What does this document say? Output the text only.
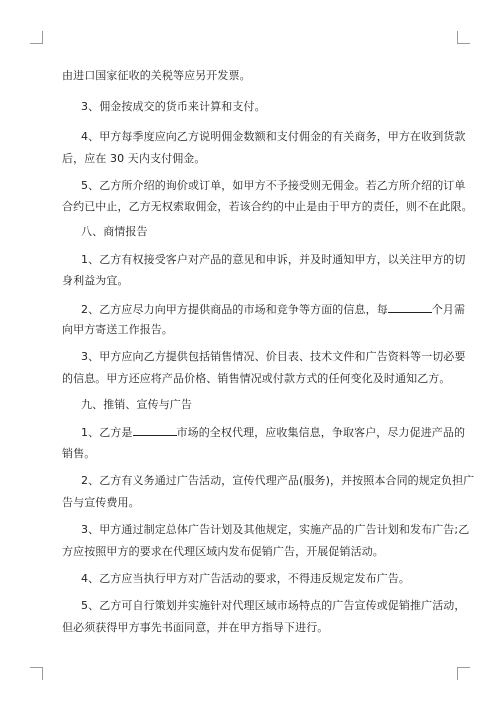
由进口国家征收的关税等应另开发票。
3、佣金按成交的货币来计算和支付。
4、甲方每季度应向乙方说明佣金数额和支付佣金的有关商务，甲方在收到货款
后，应在 30 天内支付佣金。
5、乙方所介绍的询价或订单，如甲方不予接受则无佣金。若乙方所介绍的订单
合约已中止，乙方无权索取佣金，若该合约的中止是由于甲方的责任，则不在此限。
八、商情报告
1、乙方有权接受客户对产品的意见和申诉，并及时通知甲方，以关注甲方的切
身利益为宜。
2、乙方应尽力向甲方提供商品的市场和竞争等方面的信息，每	个月需
向甲方寄送工作报告。
3、甲方应向乙方提供包括销售情况、价目表、技术文件和广告资料等一切必要
的信息。甲方还应将产品价格、销售情况或付款方式的任何变化及时通知乙方。
九、推销、宣传与广告
1、乙方是	市场的全权代理，应收集信息，争取客户，尽力促进产品的
销售。
2、乙方有义务通过广告活动，宣传代理产品(服务)，并按照本合同的规定负担广
告与宣传费用。
3、甲方通过制定总体广告计划及其他规定，实施产品的广告计划和发布广告;乙
方应按照甲方的要求在代理区域内发布促销广告，开展促销活动。
4、乙方应当执行甲方对广告活动的要求，不得违反规定发布广告。
5、乙方可自行策划并实施针对代理区域市场特点的广告宣传或促销推广活动，
但必须获得甲方事先书面同意，并在甲方指导下进行。
